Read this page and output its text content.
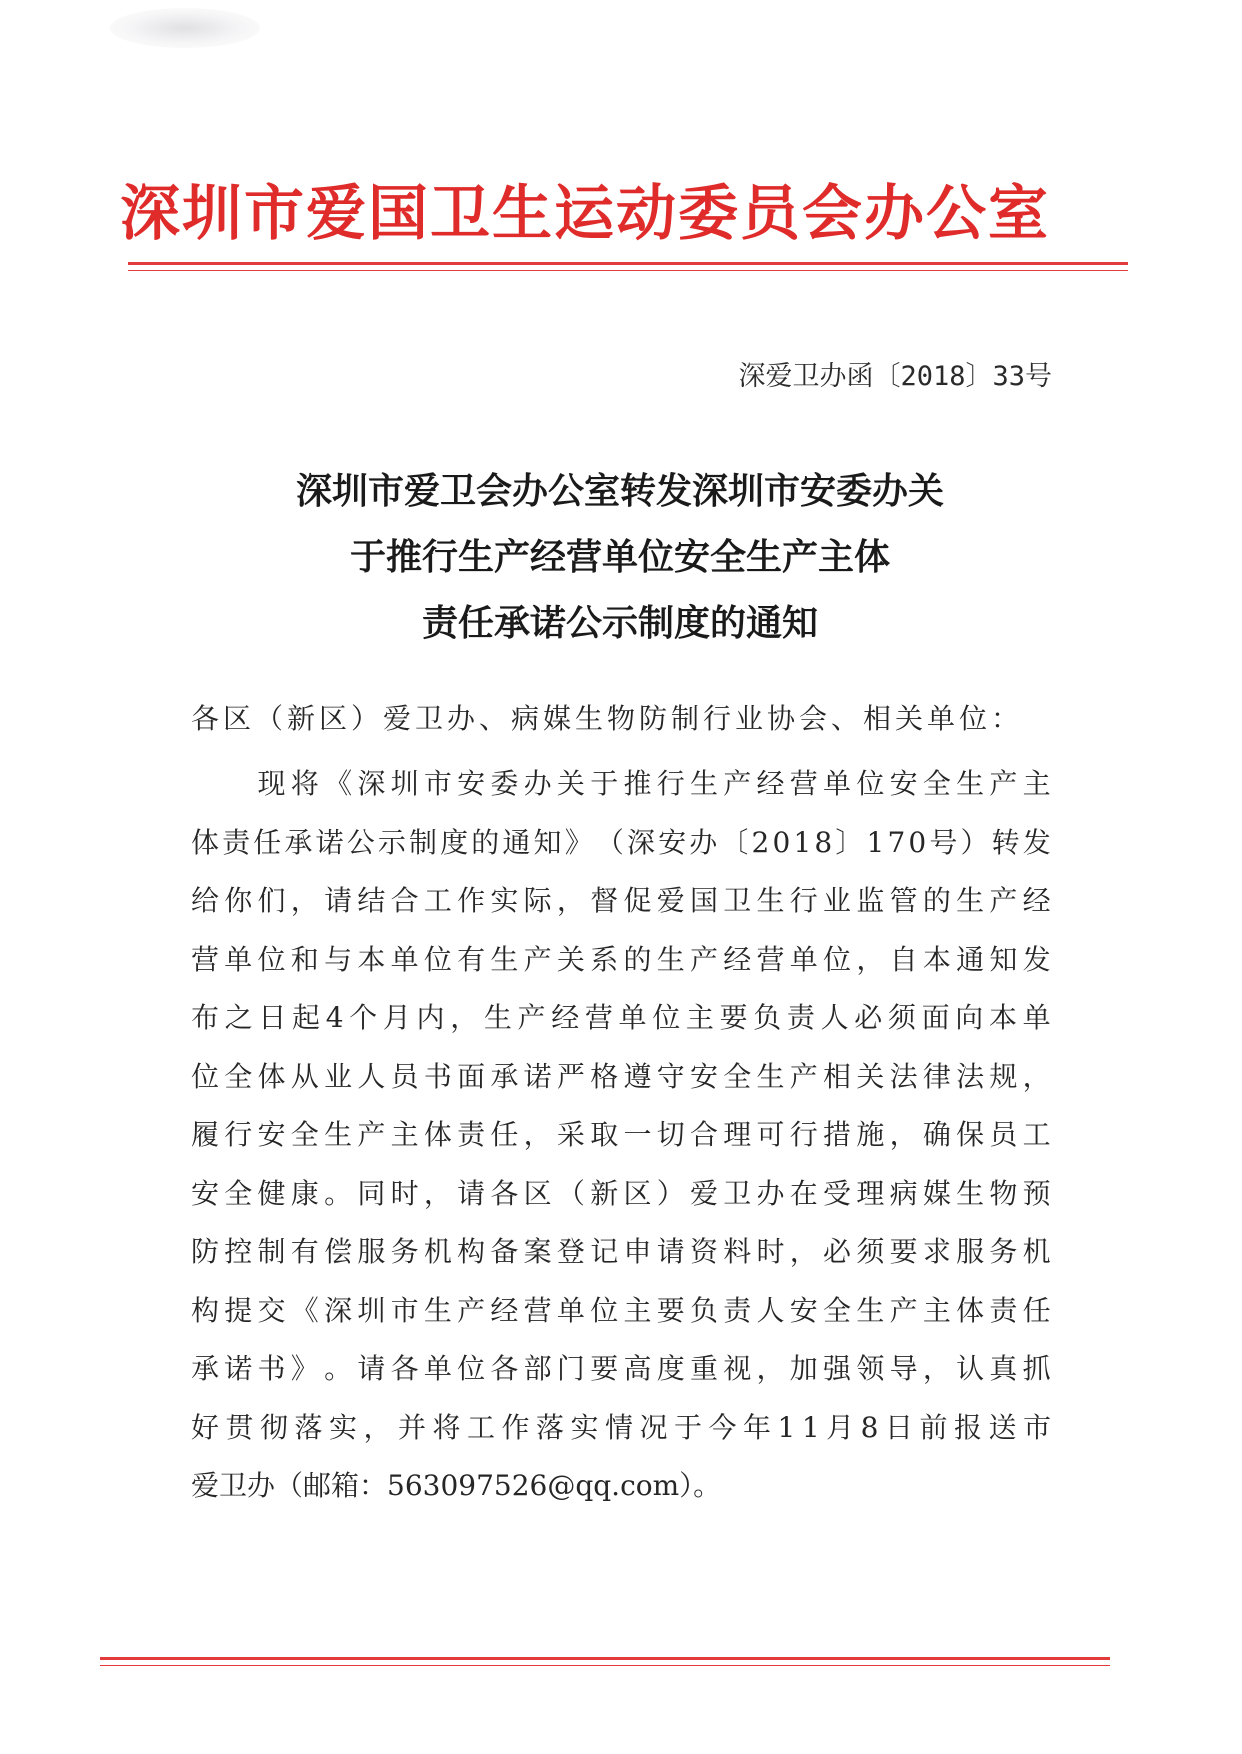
深圳市爱国卫生运动委员会办公室
深爱卫办函〔2018〕33号
深圳市爱卫会办公室转发深圳市安委办关
于推行生产经营单位安全生产主体
责任承诺公示制度的通知
各区（新区）爱卫办、病媒生物防制行业协会、相关单位：

现 将 《 深 圳 市 安 委 办 关 于 推 行 生 产 经 营 单 位 安 全 生 产 主
体 责 任 承 诺 公 示 制 度 的 通 知 》 （ 深 安 办 〔 2 0 1 8 〕 1 7 0 号 ） 转 发
给 你 们 ， 请 结 合 工 作 实 际 ， 督 促 爱 国 卫 生 行 业 监 管 的 生 产 经
营 单 位 和 与 本 单 位 有 生 产 关 系 的 生 产 经 营 单 位 ， 自 本 通 知 发
布 之 日 起 4 个 月 内 ， 生 产 经 营 单 位 主 要 负 责 人 必 须 面 向 本 单
位 全 体 从 业 人 员 书 面 承 诺 严 格 遵 守 安 全 生 产 相 关 法 律 法 规 ，
履 行 安 全 生 产 主 体 责 任 ， 采 取 一 切 合 理 可 行 措 施 ， 确 保 员 工
安 全 健 康 。 同 时 ， 请 各 区 （ 新 区 ） 爱 卫 办 在 受 理 病 媒 生 物 预
防 控 制 有 偿 服 务 机 构 备 案 登 记 申 请 资 料 时 ， 必 须 要 求 服 务 机
构 提 交 《 深 圳 市 生 产 经 营 单 位 主 要 负 责 人 安 全 生 产 主 体 责 任
承 诺 书 》 。 请 各 单 位 各 部 门 要 高 度 重 视 ， 加 强 领 导 ， 认 真 抓
好 贯 彻 落 实 ， 并 将 工 作 落 实 情 况 于 今 年 1 1 月 8 日 前 报 送 市
爱卫办（邮箱：563097526@qq.com）。
